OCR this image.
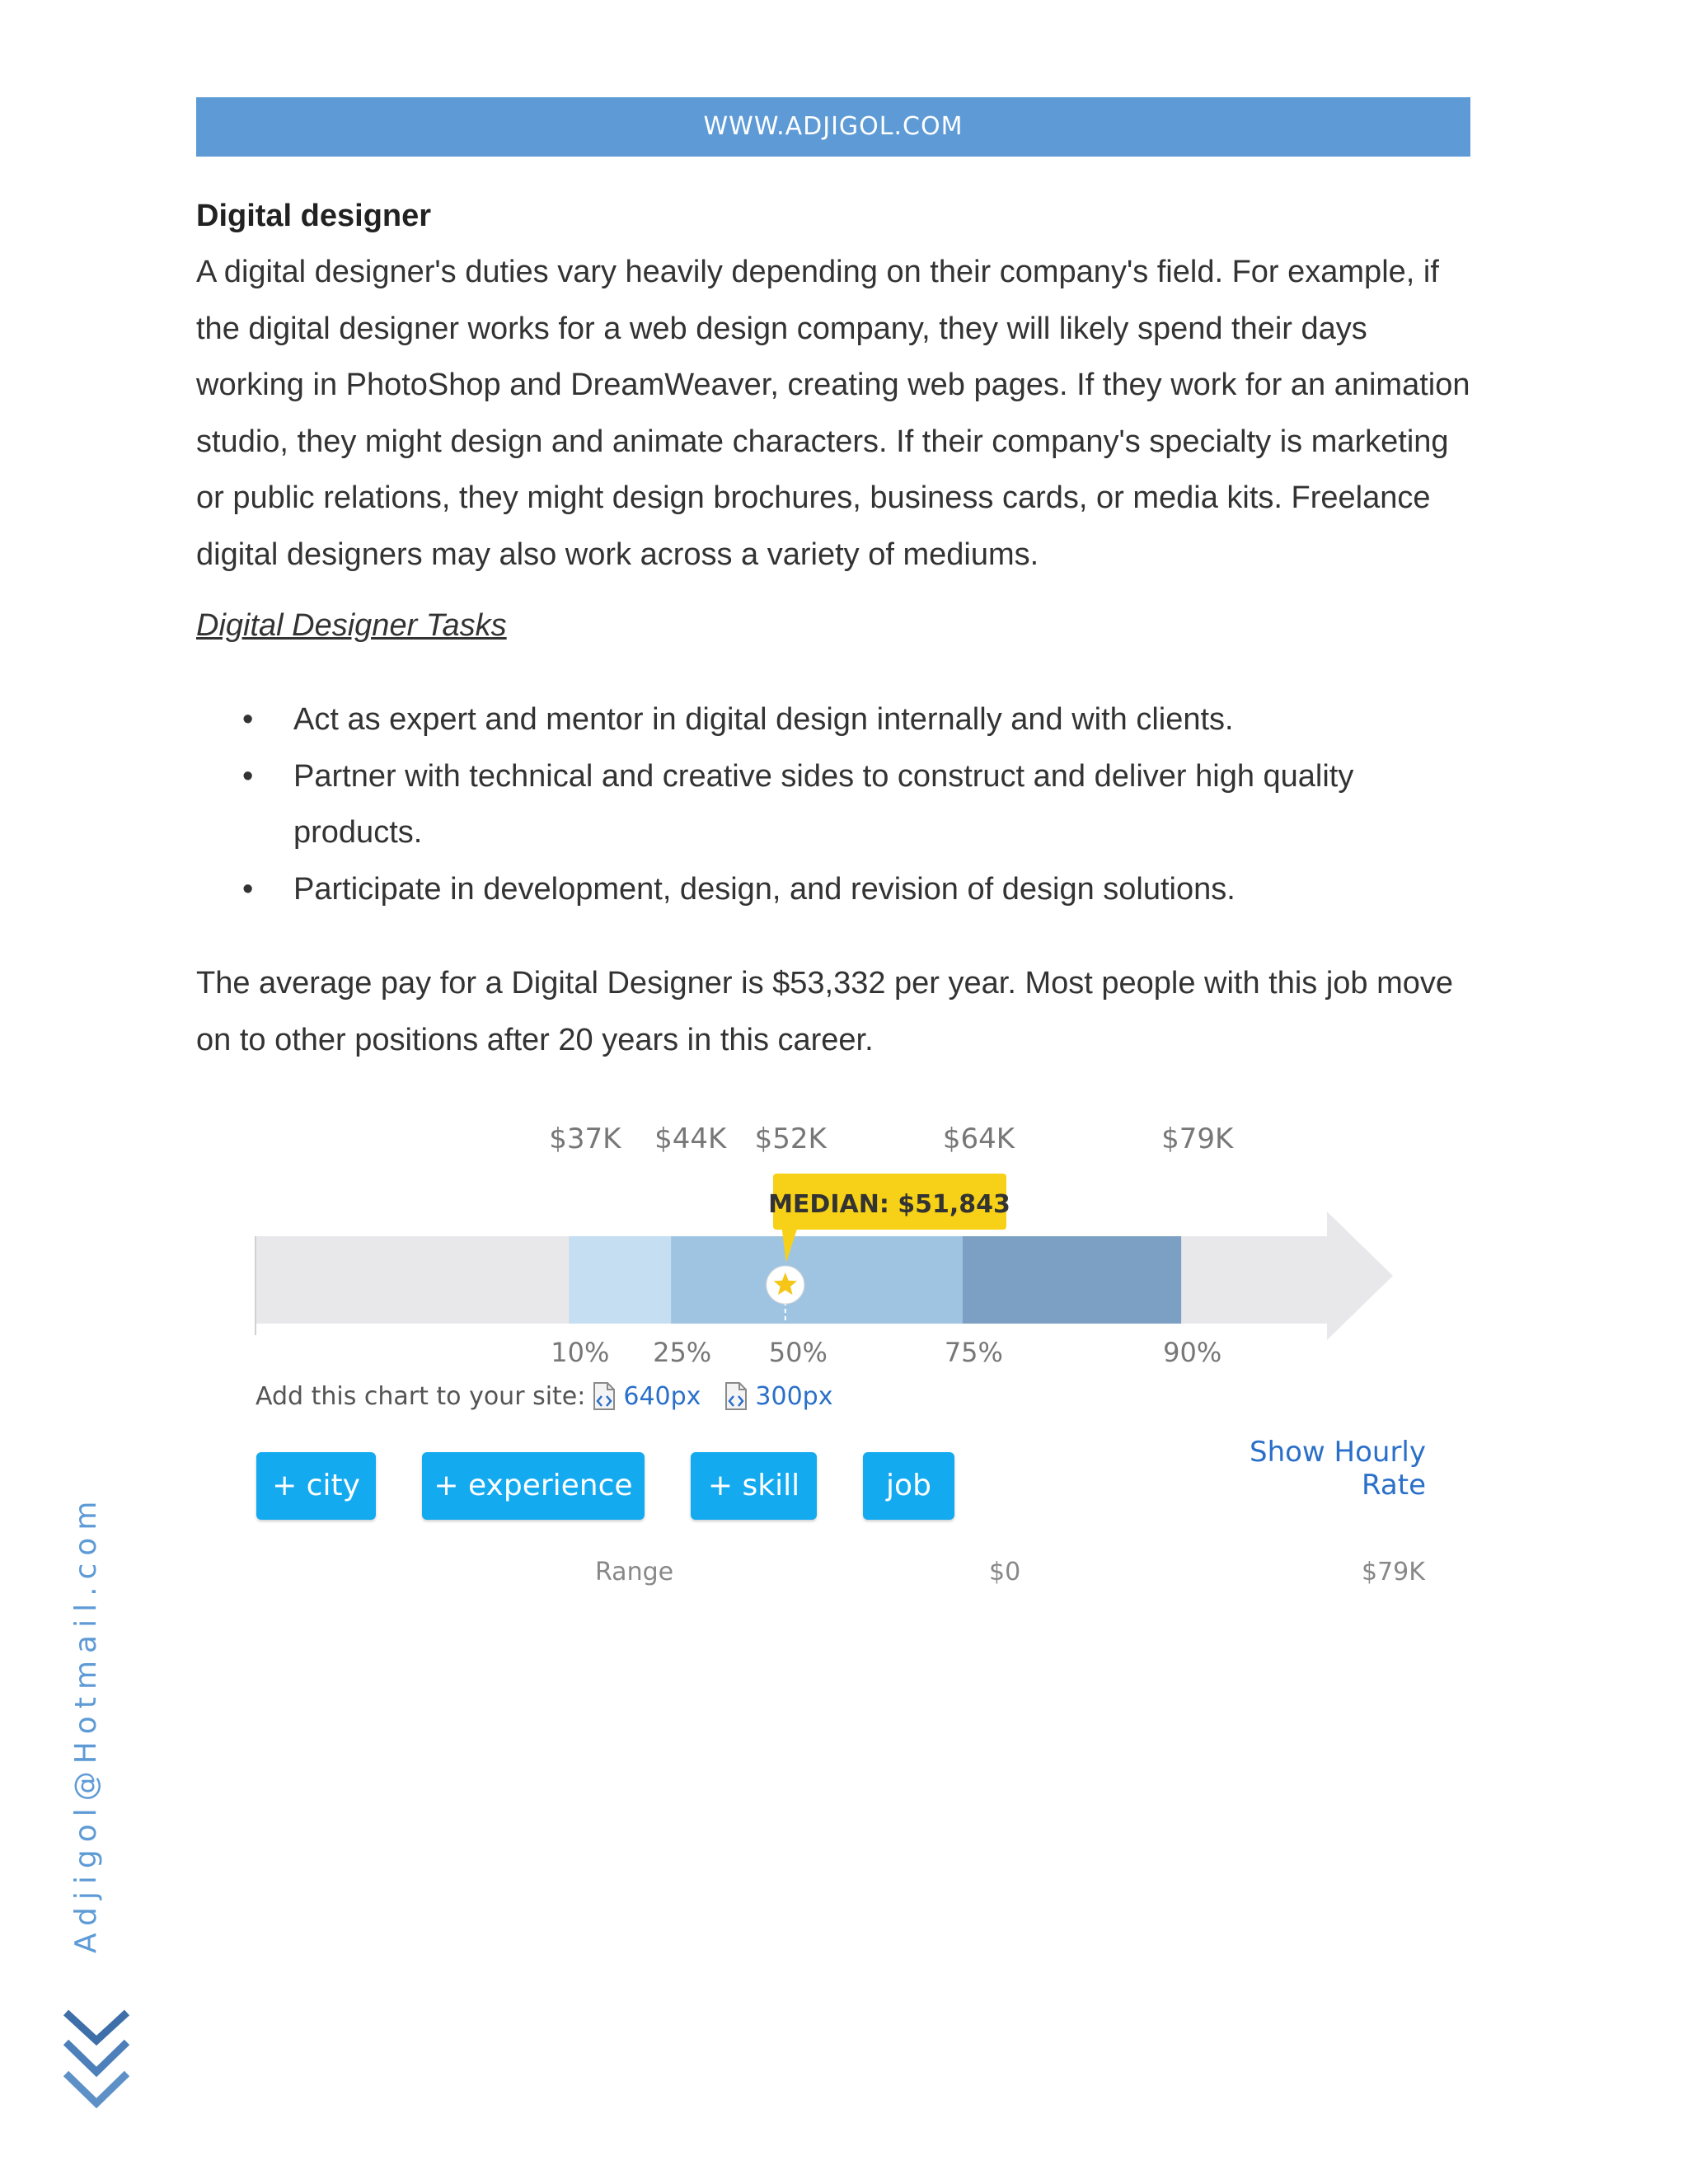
WWW.ADJIGOL.COM
Digital designer

A digital designer's duties vary heavily depending on their company's field. For example, if the digital designer works for a web design company, they will likely spend their days working in PhotoShop and DreamWeaver, creating web pages. If they work for an animation studio, they might design and animate characters. If their company's specialty is marketing or public relations, they might design brochures, business cards, or media kits. Freelance digital designers may also work across a variety of mediums.

Digital Designer Tasks

• Act as expert and mentor in digital design internally and with clients.
• Partner with technical and creative sides to construct and deliver high quality products.
• Participate in development, design, and revision of design solutions.

The average pay for a Digital Designer is $53,332 per year. Most people with this job move on to other positions after 20 years in this career.

$37K $44K $52K	$64K	$79K
10% 25% 50%	75%	90%
MEDIAN: $51,843
Add this chart to your site: 640px 300px
+ city	+ experience	+ skill	job
Show Hourly Rate
Range	$0	$79K
Adjigol@Hotmail.com
